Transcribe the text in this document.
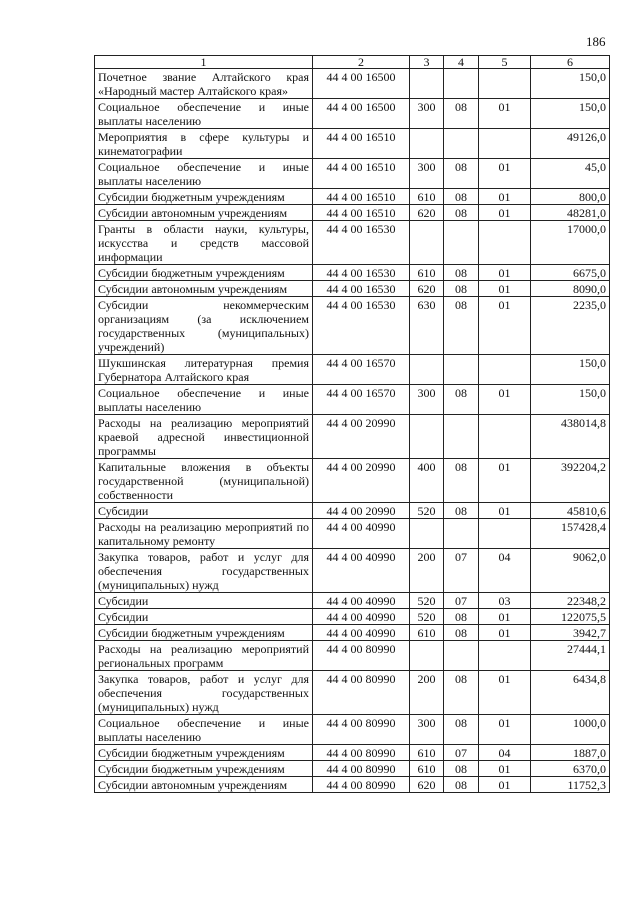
186
1	2	3	4	5	6
Почетное звание Алтайского края «Народный мастер Алтайского края»	44 4 00 16500				150,0
Социальное обеспечение и иные выплаты населению	44 4 00 16500	300	08	01	150,0
Мероприятия в сфере культуры и кинематографии	44 4 00 16510				49126,0
Социальное обеспечение и иные выплаты населению	44 4 00 16510	300	08	01	45,0
Субсидии бюджетным учреждениям	44 4 00 16510	610	08	01	800,0
Субсидии автономным учреждениям	44 4 00 16510	620	08	01	48281,0
Гранты в области науки, культуры, искусства и средств массовой информации	44 4 00 16530				17000,0
Субсидии бюджетным учреждениям	44 4 00 16530	610	08	01	6675,0
Субсидии автономным учреждениям	44 4 00 16530	620	08	01	8090,0
Субсидии некоммерческим организациям (за исключением государственных (муниципальных) учреждений)	44 4 00 16530	630	08	01	2235,0
Шукшинская литературная премия Губернатора Алтайского края	44 4 00 16570				150,0
Социальное обеспечение и иные выплаты населению	44 4 00 16570	300	08	01	150,0
Расходы на реализацию мероприятий краевой адресной инвестиционной программы	44 4 00 20990				438014,8
Капитальные вложения в объекты государственной (муниципальной) собственности	44 4 00 20990	400	08	01	392204,2
Субсидии	44 4 00 20990	520	08	01	45810,6
Расходы на реализацию мероприятий по капитальному ремонту	44 4 00 40990				157428,4
Закупка товаров, работ и услуг для обеспечения государственных (муниципальных) нужд	44 4 00 40990	200	07	04	9062,0
Субсидии	44 4 00 40990	520	07	03	22348,2
Субсидии	44 4 00 40990	520	08	01	122075,5
Субсидии бюджетным учреждениям	44 4 00 40990	610	08	01	3942,7
Расходы на реализацию мероприятий региональных программ	44 4 00 80990				27444,1
Закупка товаров, работ и услуг для обеспечения государственных (муниципальных) нужд	44 4 00 80990	200	08	01	6434,8
Социальное обеспечение и иные выплаты населению	44 4 00 80990	300	08	01	1000,0
Субсидии бюджетным учреждениям	44 4 00 80990	610	07	04	1887,0
Субсидии бюджетным учреждениям	44 4 00 80990	610	08	01	6370,0
Субсидии автономным учреждениям	44 4 00 80990	620	08	01	11752,3
